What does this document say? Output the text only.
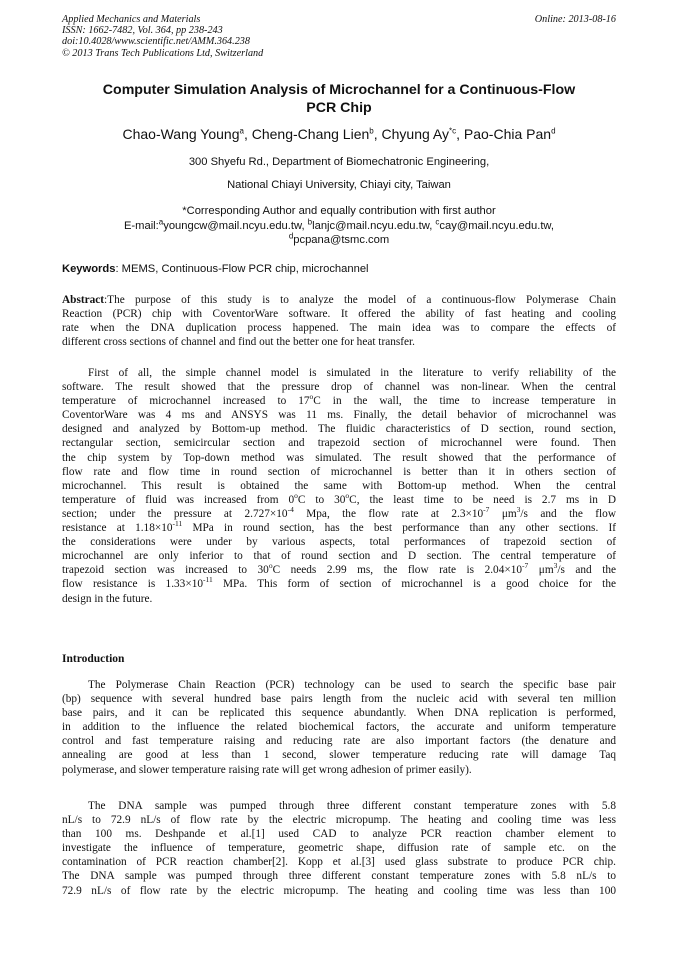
Applied Mechanics and Materials
ISSN: 1662-7482, Vol. 364, pp 238-243
doi:10.4028/www.scientific.net/AMM.364.238
© 2013 Trans Tech Publications Ltd, Switzerland
Online: 2013-08-16
Computer Simulation Analysis of Microchannel for a Continuous-Flow
PCR Chip
Chao-Wang Young$^a$, Cheng-Chang Lien$^b$, Chyung Ay$^{*c}$, Pao-Chia Pan$^d$
300 Shyefu Rd., Department of Biomechatronic Engineering,
National Chiayi University, Chiayi city, Taiwan
*Corresponding Author and equally contribution with first author
E-mail:$^a$youngcw@mail.ncyu.edu.tw, $^b$lanjc@mail.ncyu.edu.tw, $^c$cay@mail.ncyu.edu.tw,
$^d$pcpana@tsmc.com
Keywords: MEMS, Continuous-Flow PCR chip, microchannel
Abstract:The purpose of this study is to analyze the model of a continuous-flow Polymerase Chain
Reaction (PCR) chip with CoventorWare software. It offered the ability of fast heating and cooling
rate when the DNA duplication process happened. The main idea was to compare the effects of
different cross sections of channel and find out the better one for heat transfer.
First of all, the simple channel model is simulated in the literature to verify reliability of the
software. The result showed that the pressure drop of channel was non-linear. When the central
temperature of microchannel increased to 17$^o$C in the wall, the time to increase temperature in
CoventorWare was 4 ms and ANSYS was 11 ms. Finally, the detail behavior of microchannel was
designed and analyzed by Bottom-up method. The fluidic characteristics of D section, round section,
rectangular section, semicircular section and trapezoid section of microchannel were found. Then
the chip system by Top-down method was simulated. The result showed that the performance of
flow rate and flow time in round section of microchannel is better than it in others section of
microchannel. This result is obtained the same with Bottom-up method. When the central
temperature of fluid was increased from 0$^o$C to 30$^o$C, the least time to be need is 2.7 ms in D
section; under the pressure at $2.727\times 10^{-4}$ Mpa, the flow rate at $2.3\times 10^{-7}$ $\mu m^3/s$ and the flow
resistance at $1.18\times 10^{-11}$ MPa in round section, has the best performance than any other sections. If
the considerations were under by various aspects, total performances of trapezoid section of
microchannel are only inferior to that of round section and D section. The central temperature of
trapezoid section was increased to 30$^o$C needs 2.99 ms, the flow rate is $2.04\times 10^{-7}$ $\mu m^3/s$ and the
flow resistance is $1.33\times 10^{-11}$ MPa. This form of section of microchannel is a good choice for the
design in the future.
Introduction
The Polymerase Chain Reaction (PCR) technology can be used to search the specific base pair
(bp) sequence with several hundred base pairs length from the nucleic acid with several ten million
base pairs, and it can be replicated this sequence abundantly. When DNA replication is performed,
in addition to the influence the related biochemical factors, the accurate and uniform temperature
control and fast temperature raising and reducing rate are also important factors (the denature and
annealing are good at less than 1 second, slower temperature reducing rate will damage Taq
polymerase, and slower temperature raising rate will get wrong adhesion of primer easily).
The DNA sample was pumped through three different constant temperature zones with 5.8
nL/s to 72.9 nL/s of flow rate by the electric micropump. The heating and cooling time was less
than 100 ms. Deshpande et al.[1] used CAD to analyze PCR reaction chamber element to
investigate the influence of temperature, geometric shape, diffusion rate of sample etc. on the
contamination of PCR reaction chamber[2]. Kopp et al.[3] used glass substrate to produce PCR chip.
The DNA sample was pumped through three different constant temperature zones with 5.8 nL/s to
72.9 nL/s of flow rate by the electric micropump. The heating and cooling time was less than 100
